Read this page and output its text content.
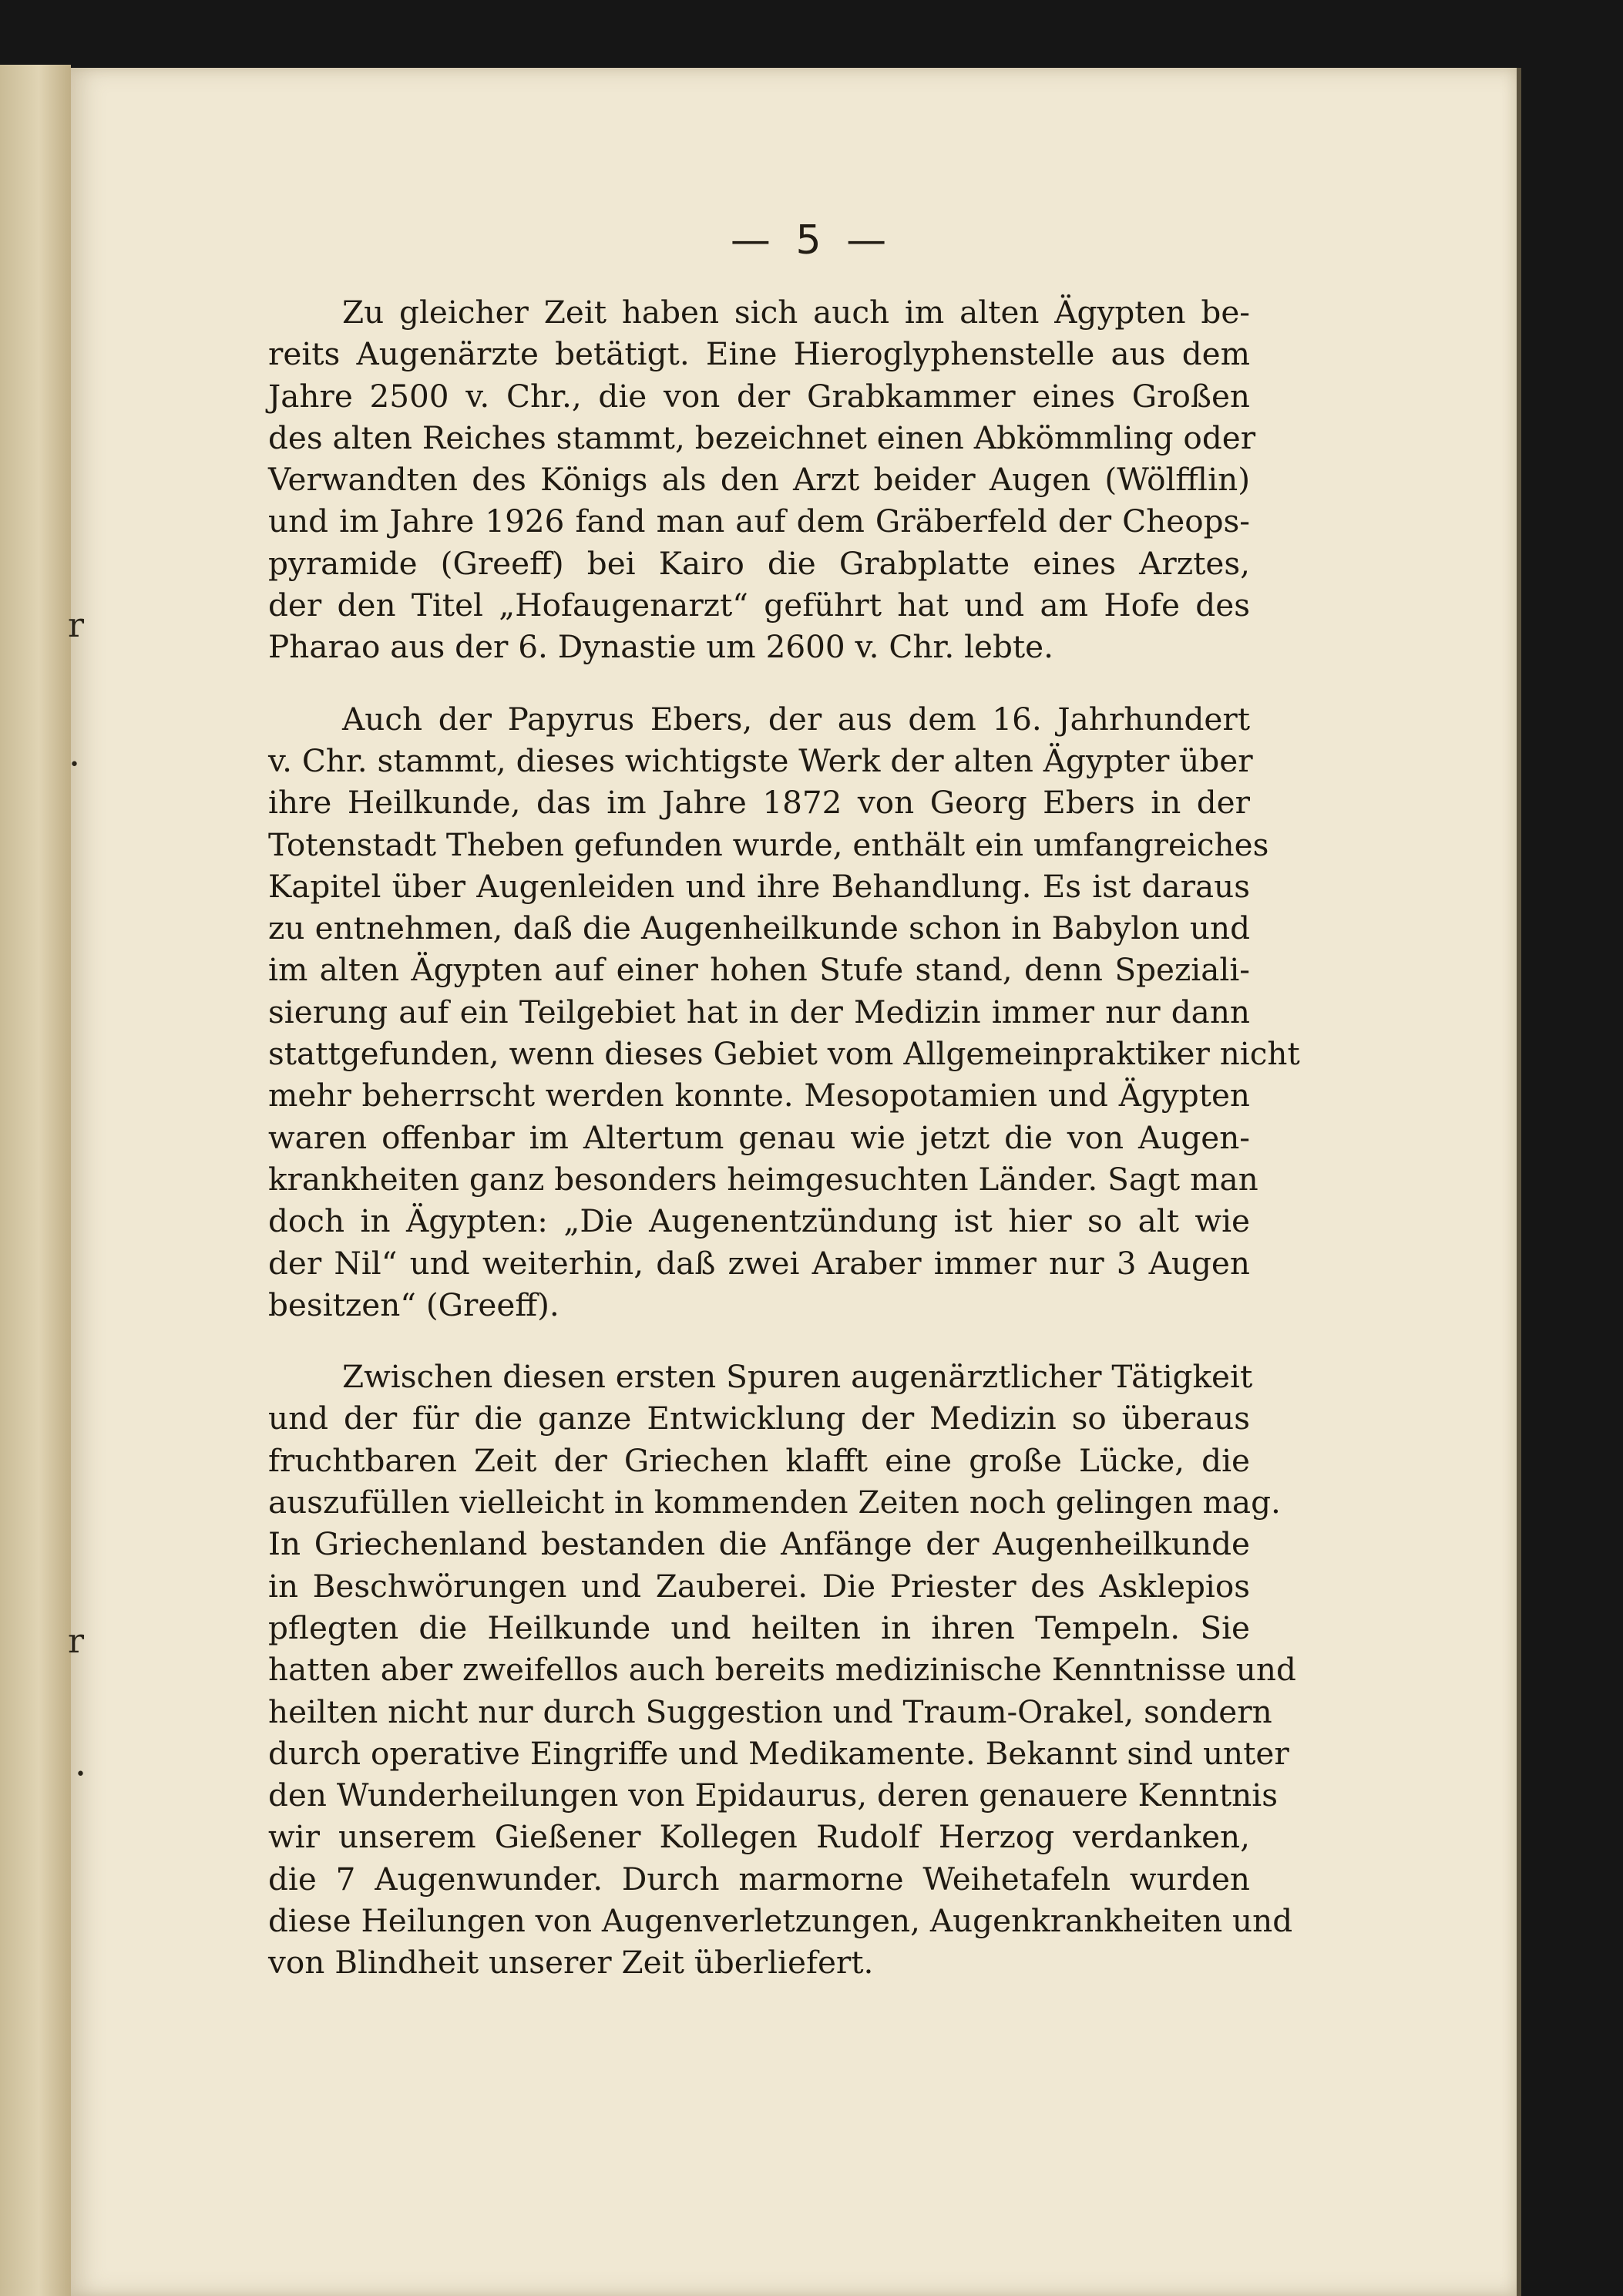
r
•
r
•
— 5 —
Zu gleicher Zeit haben sich auch im alten Ägypten be-
reits Augenärzte betätigt. Eine Hieroglyphenstelle aus dem
Jahre 2500 v. Chr., die von der Grabkammer eines Großen
des alten Reiches stammt, bezeichnet einen Abkömmling oder
Verwandten des Königs als den Arzt beider Augen (Wölfflin)
und im Jahre 1926 fand man auf dem Gräberfeld der Cheops-
pyramide (Greeff) bei Kairo die Grabplatte eines Arztes,
der den Titel „Hofaugenarzt“ geführt hat und am Hofe des
Pharao aus der 6. Dynastie um 2600 v. Chr. lebte.
Auch der Papyrus Ebers, der aus dem 16. Jahrhundert
v. Chr. stammt, dieses wichtigste Werk der alten Ägypter über
ihre Heilkunde, das im Jahre 1872 von Georg Ebers in der
Totenstadt Theben gefunden wurde, enthält ein umfangreiches
Kapitel über Augenleiden und ihre Behandlung. Es ist daraus
zu entnehmen, daß die Augenheilkunde schon in Babylon und
im alten Ägypten auf einer hohen Stufe stand, denn Speziali-
sierung auf ein Teilgebiet hat in der Medizin immer nur dann
stattgefunden, wenn dieses Gebiet vom Allgemeinpraktiker nicht
mehr beherrscht werden konnte. Mesopotamien und Ägypten
waren offenbar im Altertum genau wie jetzt die von Augen-
krankheiten ganz besonders heimgesuchten Länder. Sagt man
doch in Ägypten: „Die Augenentzündung ist hier so alt wie
der Nil“ und weiterhin, daß zwei Araber immer nur 3 Augen
besitzen“ (Greeff).
Zwischen diesen ersten Spuren augenärztlicher Tätigkeit
und der für die ganze Entwicklung der Medizin so überaus
fruchtbaren Zeit der Griechen klafft eine große Lücke, die
auszufüllen vielleicht in kommenden Zeiten noch gelingen mag.
In Griechenland bestanden die Anfänge der Augenheilkunde
in Beschwörungen und Zauberei. Die Priester des Asklepios
pflegten die Heilkunde und heilten in ihren Tempeln. Sie
hatten aber zweifellos auch bereits medizinische Kenntnisse und
heilten nicht nur durch Suggestion und Traum-Orakel, sondern
durch operative Eingriffe und Medikamente. Bekannt sind unter
den Wunderheilungen von Epidaurus, deren genauere Kenntnis
wir unserem Gießener Kollegen Rudolf Herzog verdanken,
die 7 Augenwunder. Durch marmorne Weihetafeln wurden
diese Heilungen von Augenverletzungen, Augenkrankheiten und
von Blindheit unserer Zeit überliefert.
